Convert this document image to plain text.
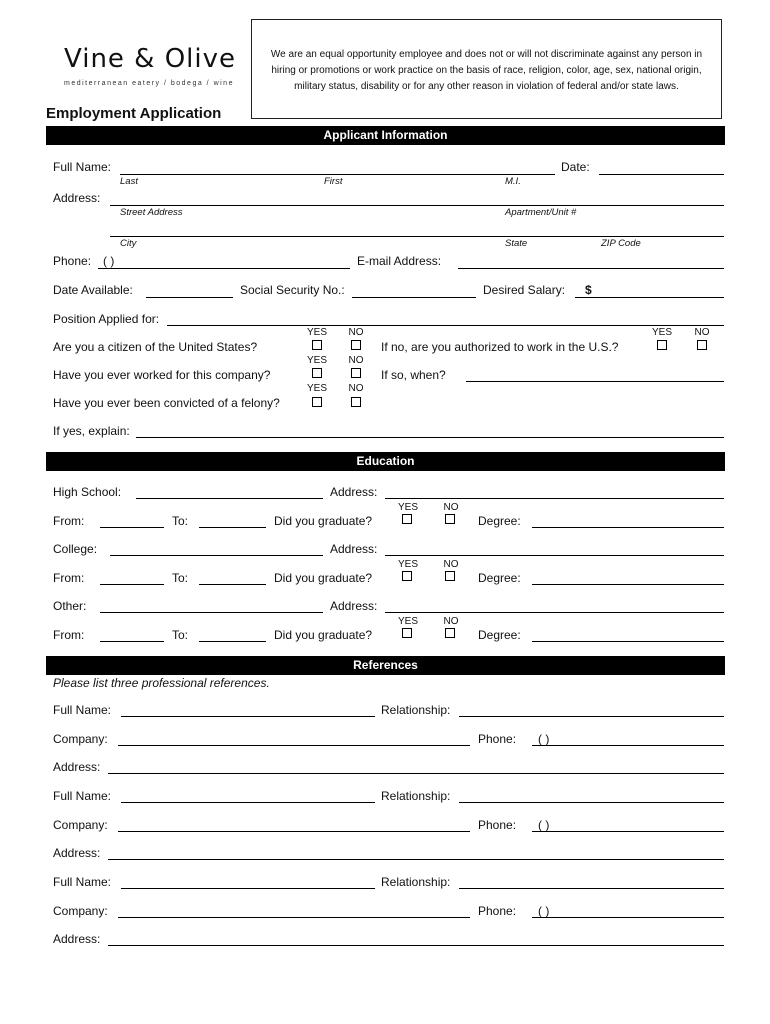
Vine & Olive
mediterranean eatery / bodega / wine
We are an equal opportunity employee and does not or will not discriminate against any person in hiring or promotions or work practice on the basis of race, religion, color, age, sex, national origin, military status, disability or for any other reason in violation of federal and/or state laws.
Employment Application
Applicant Information
Full Name:	Date:
Last	First	M.I.
Address:
Street Address	Apartment/Unit #
City	State	ZIP Code
Phone: ( )	E-mail Address:
Date Available:	Social Security No.:	Desired Salary: $
Position Applied for:
YES	NO
Are you a citizen of the United States?	If no, are you authorized to work in the U.S.?
YES	NO
YES	NO
Have you ever worked for this company?	If so, when?
YES	NO
Have you ever been convicted of a felony?
If yes, explain:
Education
High School:	Address:
YES	NO
From:	To:	Did you graduate?	Degree:
College:	Address:
YES	NO
From:	To:	Did you graduate?	Degree:
Other:	Address:
YES	NO
From:	To:	Did you graduate?	Degree:
References
Please list three professional references.
Full Name:	Relationship:
Company:	Phone: ( )
Address:
Full Name:	Relationship:
Company:	Phone: ( )
Address:
Full Name:	Relationship:
Company:	Phone: ( )
Address:
